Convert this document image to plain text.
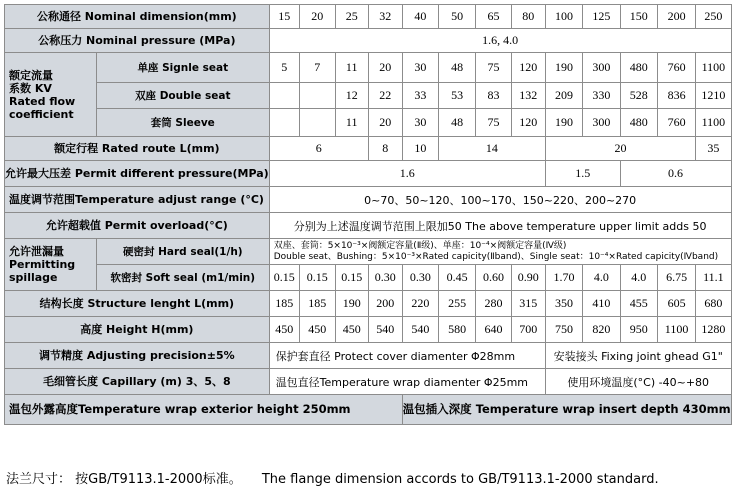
公称通径 Nominal dimension(mm)		15	20	25	32	40	50	65	80	100	125	150	200	250
公称压力 Nominal pressure (MPa)		1.6, 4.0												

额定流量
系数 KV
Rated flow
coefficient	单座 Signle seat	5	7	11	20	30	48	75	120	190	300	480	760	1100
	双座 Double seat			12	22	33	53	83	132	209	330	528	836	1210
	套筒 Sleeve			11	20	30	48	75	120	190	300	480	760	1100
额定行程 Rated route L(mm)		6			8	10	14			20				35
允许最大压差 Permit different pressure(MPa)		1.6								1.5		0.6		
温度调节范围Temperature adjust range (°C)		0~70、50~120、100~170、150~220、200~270												
允许超载值 Permit overload(°C)		分别为上述温度调节范围上限加50 The above temperature upper limit adds 50												

允许泄漏量
Permitting
spillage	硬密封 Hard seal(1/h)	双座、套筒：5×10⁻³×阀额定容量(Ⅱ级)、单座：10⁻⁴×阀额定容量(Ⅳ级)
Double seat、Bushing：5×10⁻³×Rated capicity(Ⅱband)、Single seat：10⁻⁴×Rated capicity(Ⅳband)												

	软密封 Soft seal (m1/min)	0.15	0.15	0.15	0.30	0.30	0.45	0.60	0.90	1.70	4.0	4.0	6.75	11.1
结构长度 Structure lenght L(mm)		185	185	190	200	220	255	280	315	350	410	455	605	680
高度 Height H(mm)		450	450	450	540	540	580	640	700	750	820	950	1100	1280
调节精度 Adjusting precision±5%		保护套直径 Protect cover diamenter Φ28mm								安装接头 Fixing joint ghead G1"				
毛细管长度 Capillary (m) 3、5、8		温包直径Temperature wrap diamenter Φ25mm								使用环境温度(°C) -40~+80				
温包外露高度Temperature wrap exterior height 250mm						温包插入深度 Temperature wrap insert depth 430mm								
法兰尺寸： 按GB/T9113.1-2000标准。 The flange dimension accords to GB/T9113.1-2000 standard.
